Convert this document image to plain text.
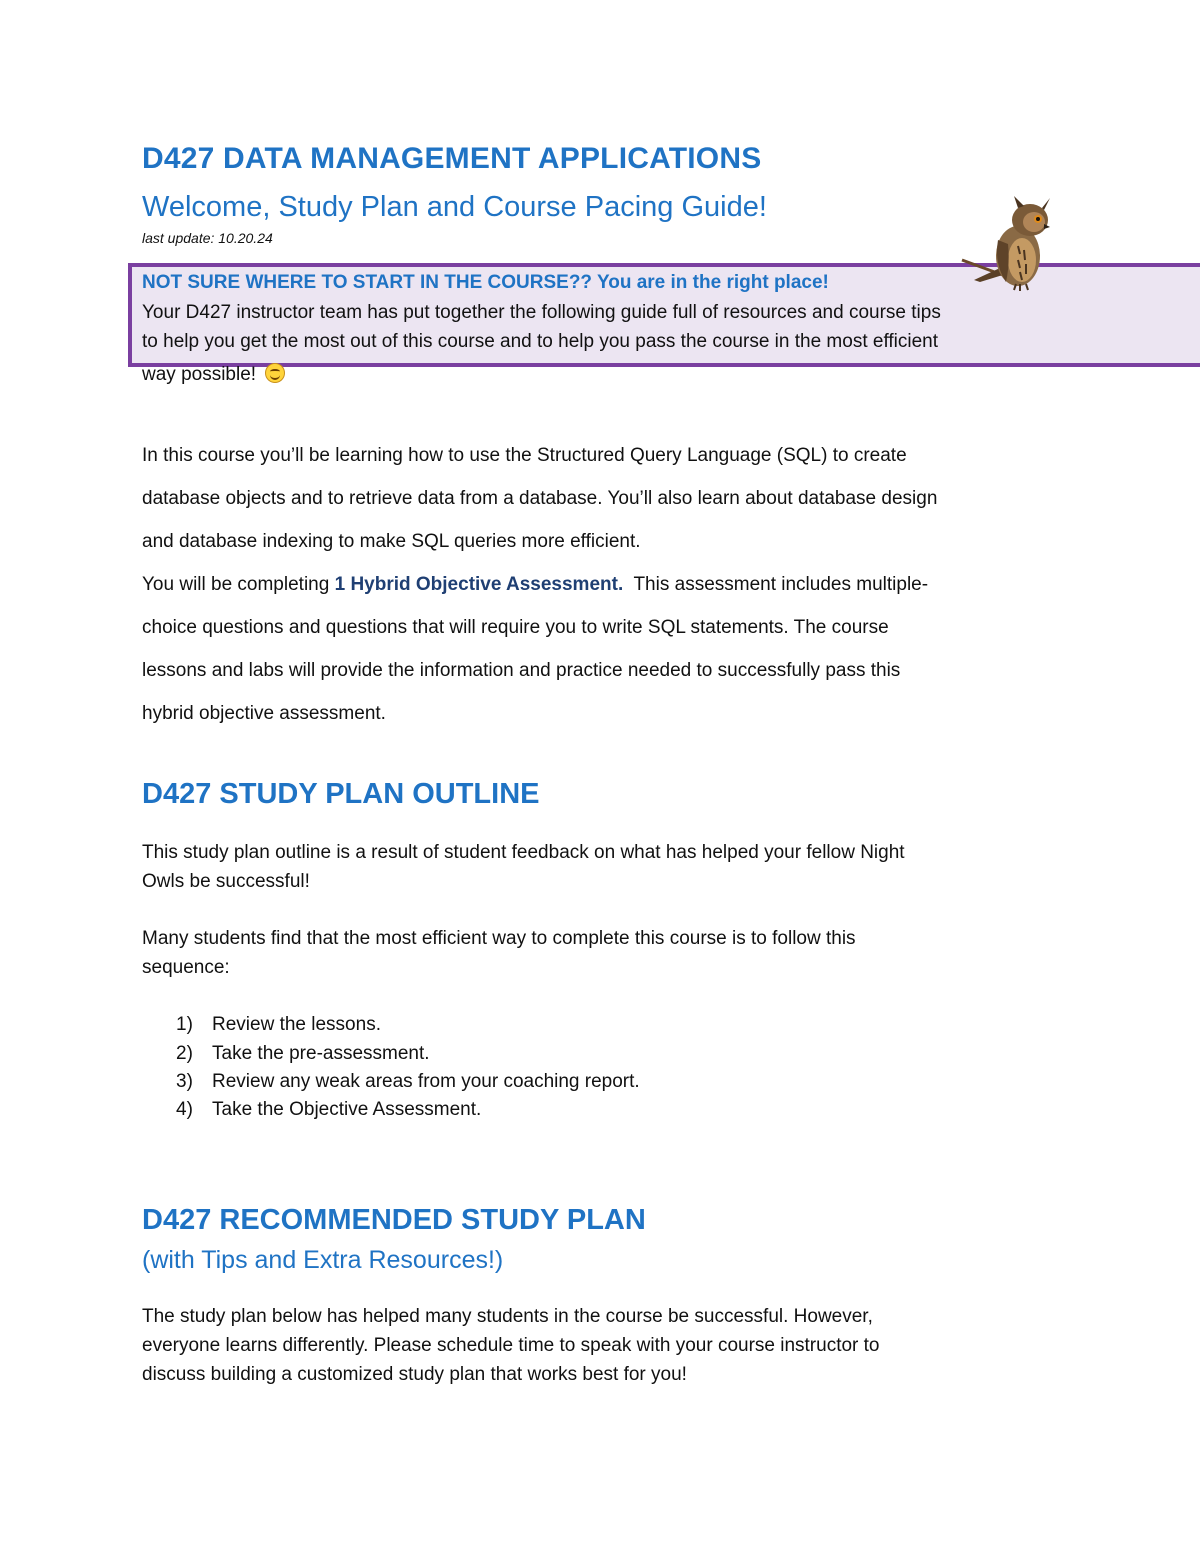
D427 DATA MANAGEMENT APPLICATIONS
Welcome, Study Plan and Course Pacing Guide!
last update: 10.20.24
NOT SURE WHERE TO START IN THE COURSE?? You are in the right place!
Your D427 instructor team has put together the following guide full of resources and course tips
to help you get the most out of this course and to help you pass the course in the most efficient
way possible!
In this course you’ll be learning how to use the Structured Query Language (SQL) to create
database objects and to retrieve data from a database. You’ll also learn about database design
and database indexing to make SQL queries more efficient.
You will be completing 1 Hybrid Objective Assessment.  This assessment includes multiple-
choice questions and questions that will require you to write SQL statements. The course
lessons and labs will provide the information and practice needed to successfully pass this
hybrid objective assessment.
D427 STUDY PLAN OUTLINE
This study plan outline is a result of student feedback on what has helped your fellow Night
Owls be successful!
Many students find that the most efficient way to complete this course is to follow this
sequence:
1) Review the lessons.
2) Take the pre-assessment.
3) Review any weak areas from your coaching report.
4) Take the Objective Assessment.
D427 RECOMMENDED STUDY PLAN
(with Tips and Extra Resources!)
The study plan below has helped many students in the course be successful. However,
everyone learns differently. Please schedule time to speak with your course instructor to
discuss building a customized study plan that works best for you!
